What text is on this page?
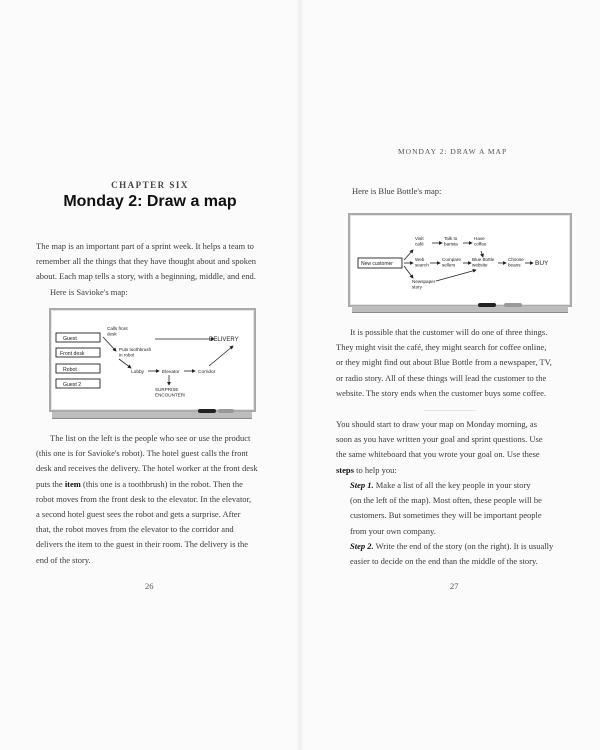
CHAPTER SIX
Monday 2: Draw a map
The map is an important part of a sprint week. It helps a team to
remember all the things that they have thought about and spoken
about. Each map tells a story, with a beginning, middle, and end.
Here is Savioke's map:
Guest
Front desk
Robot
Guest 2
Calls front desk
Puts toothbrush in robot
Lobby	Elevator	Corridor
DELIVERY
SURPRISE ENCOUNTER!
The list on the left is the people who see or use the product
(this one is for Savioke's robot). The hotel guest calls the front
desk and receives the delivery. The hotel worker at the front desk
puts the item (this one is a toothbrush) in the robot. Then the
robot moves from the front desk to the elevator. In the elevator,
a second hotel guest sees the robot and gets a surprise. After
that, the robot moves from the elevator to the corridor and
delivers the item to the guest in their room. The delivery is the
end of the story.
26
MONDAY 2: DRAW A MAP
Here is Blue Bottle's map:
New customer
Visit café
Talk to barista
Have coffee
Web search
Compare sellers
Blue Bottle website
Choose beans	BUY
Newspaper story
It is possible that the customer will do one of three things.
They might visit the café, they might search for coffee online,
or they might find out about Blue Bottle from a newspaper, TV,
or radio story. All of these things will lead the customer to the
website. The story ends when the customer buys some coffee.
You should start to draw your map on Monday morning, as
soon as you have written your goal and sprint questions. Use
the same whiteboard that you wrote your goal on. Use these
steps to help you:
Step 1. Make a list of all the key people in your story
(on the left of the map). Most often, these people will be
customers. But sometimes they will be important people
from your own company.
Step 2. Write the end of the story (on the right). It is usually
easier to decide on the end than the middle of the story.
27
